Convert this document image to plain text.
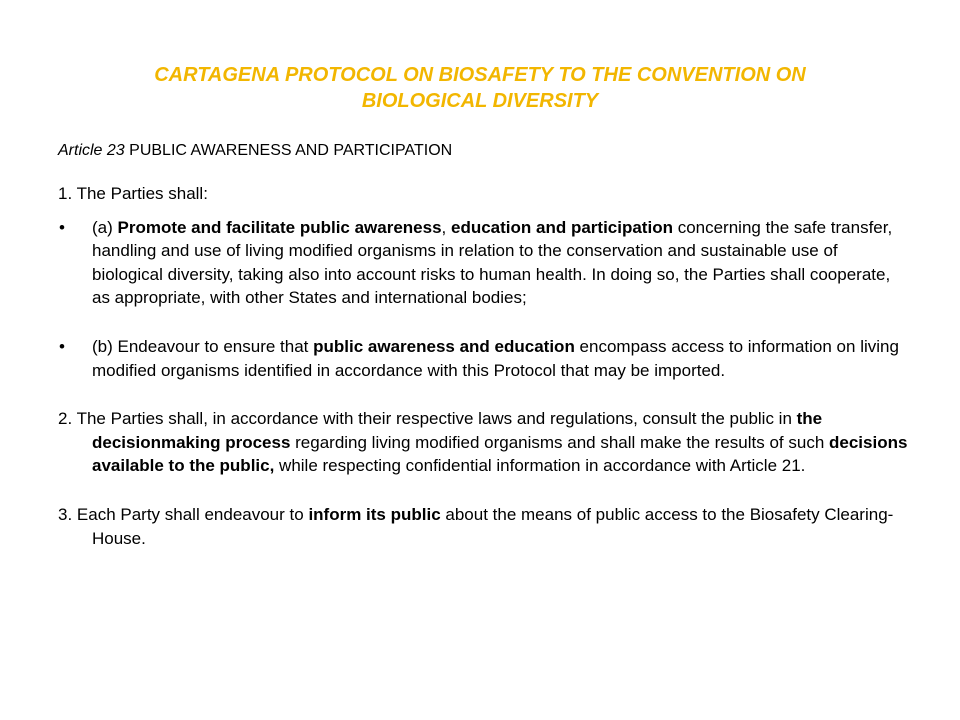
CARTAGENA PROTOCOL ON BIOSAFETY TO THE CONVENTION ON
BIOLOGICAL DIVERSITY

Article 23 PUBLIC AWARENESS AND PARTICIPATION

1. The Parties shall:

• (a) Promote and facilitate public awareness, education and participation concerning the safe transfer, handling and use of living modified organisms in relation to the conservation and sustainable use of biological diversity, taking also into account risks to human health. In doing so, the Parties shall cooperate, as appropriate, with other States and international bodies;
• (b) Endeavour to ensure that public awareness and education encompass access to information on living modified organisms identified in accordance with this Protocol that may be imported.

2. The Parties shall, in accordance with their respective laws and regulations, consult the public in the decisionmaking process regarding living modified organisms and shall make the results of such decisions available to the public, while respecting confidential information in accordance with Article 21.

3. Each Party shall endeavour to inform its public about the means of public access to the Biosafety Clearing- House.
